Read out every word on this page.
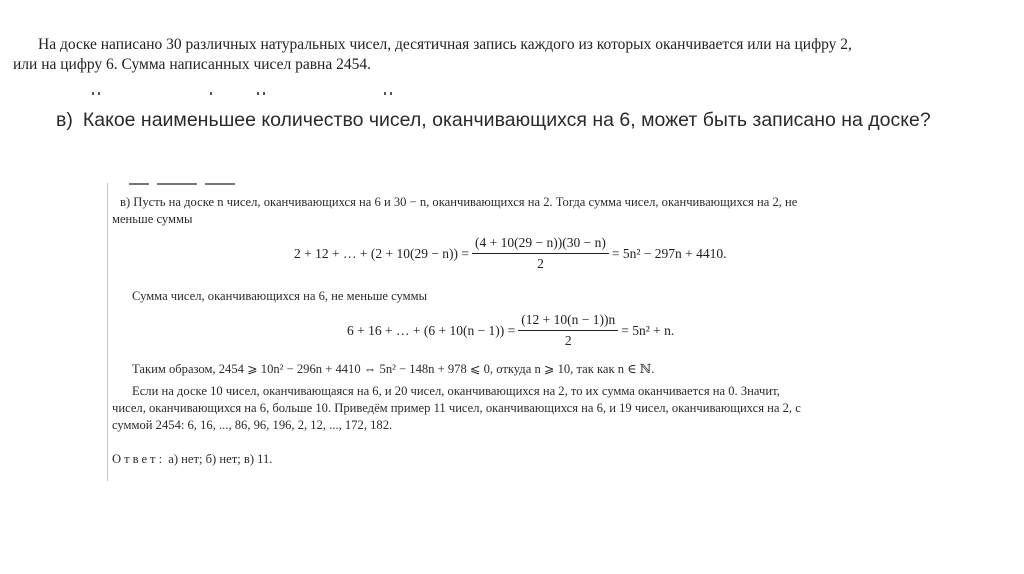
На доске написано 30 различных натуральных чисел, десятичная запись каждого из которых оканчивается или на цифру 2,
или на цифру 6. Сумма написанных чисел равна 2454.
в) Какое наименьшее количество чисел, оканчивающихся на 6, может быть записано на доске?
в) Пусть на доске n чисел, оканчивающихся на 6 и 30 − n, оканчивающихся на 2. Тогда сумма чисел, оканчивающихся на 2, не
меньше суммы
2 + 12 + … + $(2 + 10(29 - n)) = \frac{(4 + 10(29 - n))(30 - n)}{2} = 5n^2 - 297n + 4410$.
Сумма чисел, оканчивающихся на 6, не меньше суммы
6 + 16 + … + $(6 + 10(n - 1)) = \frac{(12 + 10(n - 1))n}{2} = 5n^2 + n$.
Таким образом, 2454 ⩾ 10n² − 296n + 4410 ⇔ 5n² − 148n + 978 ⩽ 0, откуда n ⩾ 10, так как n ∈ ℕ.
Если на доске 10 чисел, оканчивающаяся на 6, и 20 чисел, оканчивающихся на 2, то их сумма оканчивается на 0. Значит,
чисел, оканчивающихся на 6, больше 10. Приведём пример 11 чисел, оканчивающихся на 6, и 19 чисел, оканчивающихся на 2, с
суммой 2454: 6, 16, ..., 86, 96, 196, 2, 12, ..., 172, 182.
Ответ: а) нет; б) нет; в) 11.
